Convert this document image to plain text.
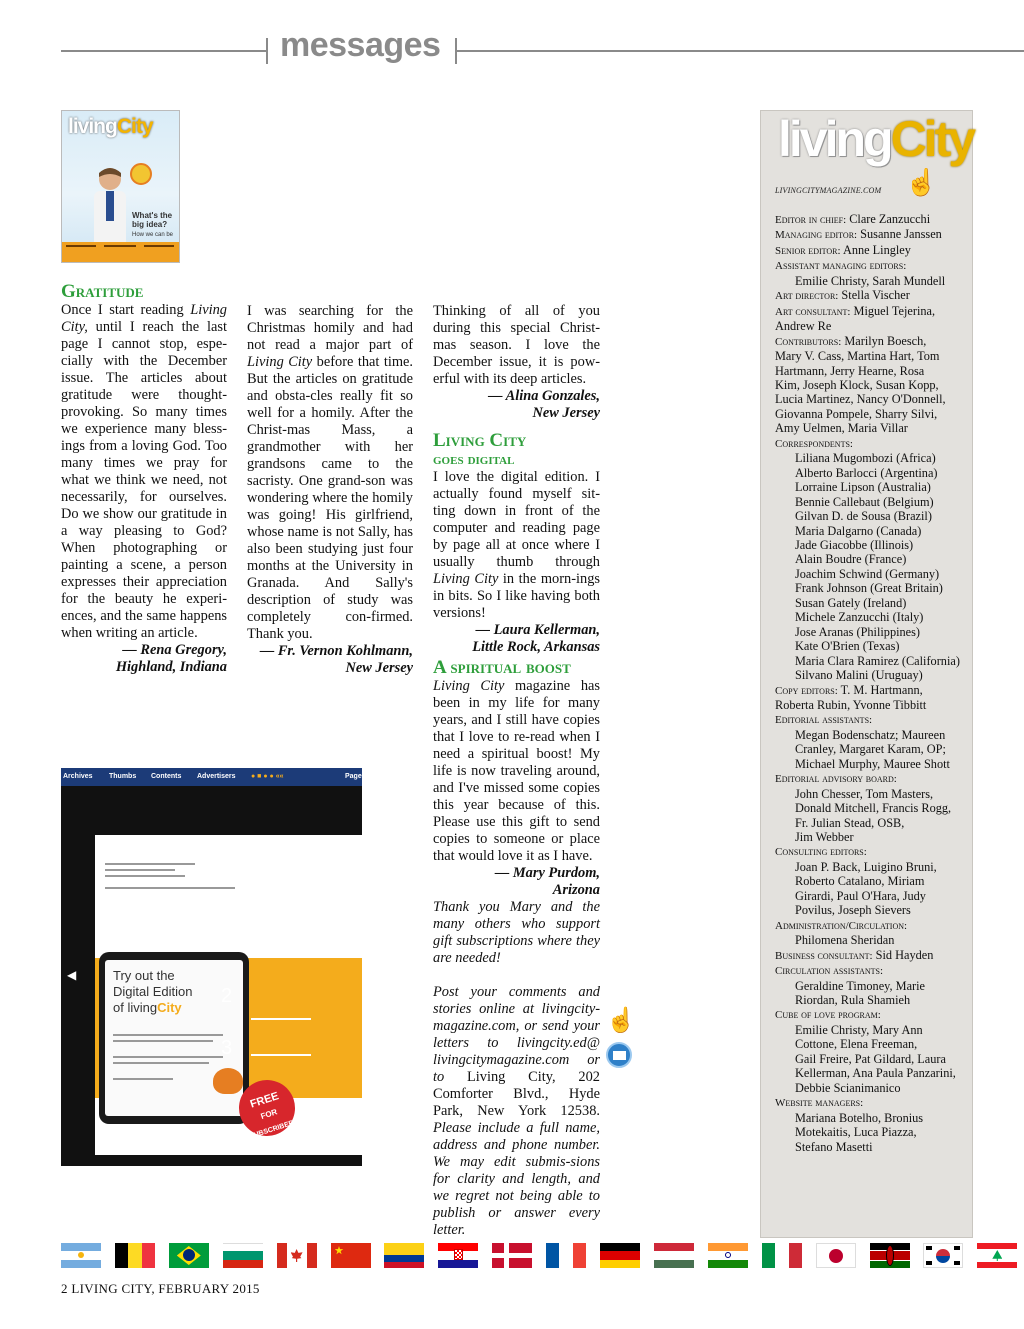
messages
livingCity
What's the big idea?
How we can be
Gratitude

Once I start reading Living City, until I reach the last page I cannot stop, espe-cially with the December issue. The articles about gratitude were thought-provoking. So many times we experience many bless-ings from a loving God. Too many times we pray for what we think we need, not necessarily, for ourselves. Do we show our gratitude in a way pleasing to God? When photographing or painting a scene, a person expresses their appreciation for the beauty he experi-ences, and the same happens when writing an article.

— Rena Gregory,
Highland, Indiana

I was searching for the Christmas homily and had not read a major part of Living City before that time. But the articles on gratitude and obsta-cles really fit so well for a homily. After the Christ-mas Mass, a grandmother with her grandsons came to the sacristy. One grand-son was wondering where the homily was going! His girlfriend, whose name is not Sally, has also been studying just four months at the University in Granada. And Sally's description of study was completely con-firmed. Thank you.

— Fr. Vernon Kohlmann,
New Jersey

Thinking of all of you during this special Christ-mas season. I love the December issue, it is pow-erful with its deep articles.

— Alina Gonzales,
New Jersey
Living City
goes digital

I love the digital edition. I actually found myself sit-ting down in front of the computer and reading page by page all at once where I usually thumb through Living City in the morn-ings in bits. So I like having both versions!

— Laura Kellerman,
Little Rock, Arkansas
A spiritual boost

Living City magazine has been in my life for many years, and I still have copies that I love to re-read when I need a spiritual boost! My life is now traveling around, and I've missed some copies this year because of this. Please use this gift to send copies to someone or place that would love it as I have.

— Mary Purdom,
Arizona

Thank you Mary and the many others who support gift subscriptions where they are needed!

Post your comments and stories online at livingcity-magazine.com, or send your letters to livingcity.ed@ livingcitymagazine.com or to Living City, 202 Comforter Blvd., Hyde Park, New York 12538. Please include a full name, address and phone number. We may edit submis-sions for clarity and length, and we regret not being able to publish or answer every letter.

☝
Archives Thumbs Contents Advertisers ● ■ ● ● ««	Page
Try out the
Digital Edition
of livingCity
1
2
3
FREE
FOR
SUBSCRIBERS
◀
livingCity
LIVINGCITYMAGAZINE.COM ☝
Editor in chief: Clare Zanzucchi
Managing editor: Susanne Janssen
Senior editor: Anne Lingley
Assistant managing editors:
Emilie Christy, Sarah Mundell
Art director: Stella Vischer
Art consultant: Miguel Tejerina,
Andrew Re
Contributors: Marilyn Boesch,
Mary V. Cass, Martina Hart, Tom
Hartmann, Jerry Hearne, Rosa
Kim, Joseph Klock, Susan Kopp,
Lucia Martinez, Nancy O'Donnell,
Giovanna Pompele, Sharry Silvi,
Amy Uelmen, Maria Villar
Correspondents:
Liliana Mugombozi (Africa)
Alberto Barlocci (Argentina)
Lorraine Lipson (Australia)
Bennie Callebaut (Belgium)
Gilvan D. de Sousa (Brazil)
Maria Dalgarno (Canada)
Jade Giacobbe (Illinois)
Alain Boudre (France)
Joachim Schwind (Germany)
Frank Johnson (Great Britain)
Susan Gately (Ireland)
Michele Zanzucchi (Italy)
Jose Aranas (Philippines)
Kate O'Brien (Texas)
Maria Clara Ramirez (California)
Silvano Malini (Uruguay)
Copy editors: T. M. Hartmann,
Roberta Rubin, Yvonne Tibbitt
Editorial assistants:
Megan Bodenschatz; Maureen
Cranley, Margaret Karam, OP;
Michael Murphy, Mauree Shott
Editorial advisory board:
John Chesser, Tom Masters,
Donald Mitchell, Francis Rogg,
Fr. Julian Stead, OSB,
Jim Webber
Consulting editors:
Joan P. Back, Luigino Bruni,
Roberto Catalano, Miriam
Girardi, Paul O'Hara, Judy
Povilus, Joseph Sievers
Administration/Circulation:
Philomena Sheridan
Business consultant: Sid Hayden
Circulation assistants:
Geraldine Timoney, Marie
Riordan, Rula Shamieh
Cube of love program:
Emilie Christy, Mary Ann
Cottone, Elena Freeman,
Gail Freire, Pat Gildard, Laura
Kellerman, Ana Paula Panzarini,
Debbie Scianimanico
Website managers:
Mariana Botelho, Bronius
Motekaitis, Luca Piazza,
Stefano Masetti
2 LIVING CITY, FEBRUARY 2015
